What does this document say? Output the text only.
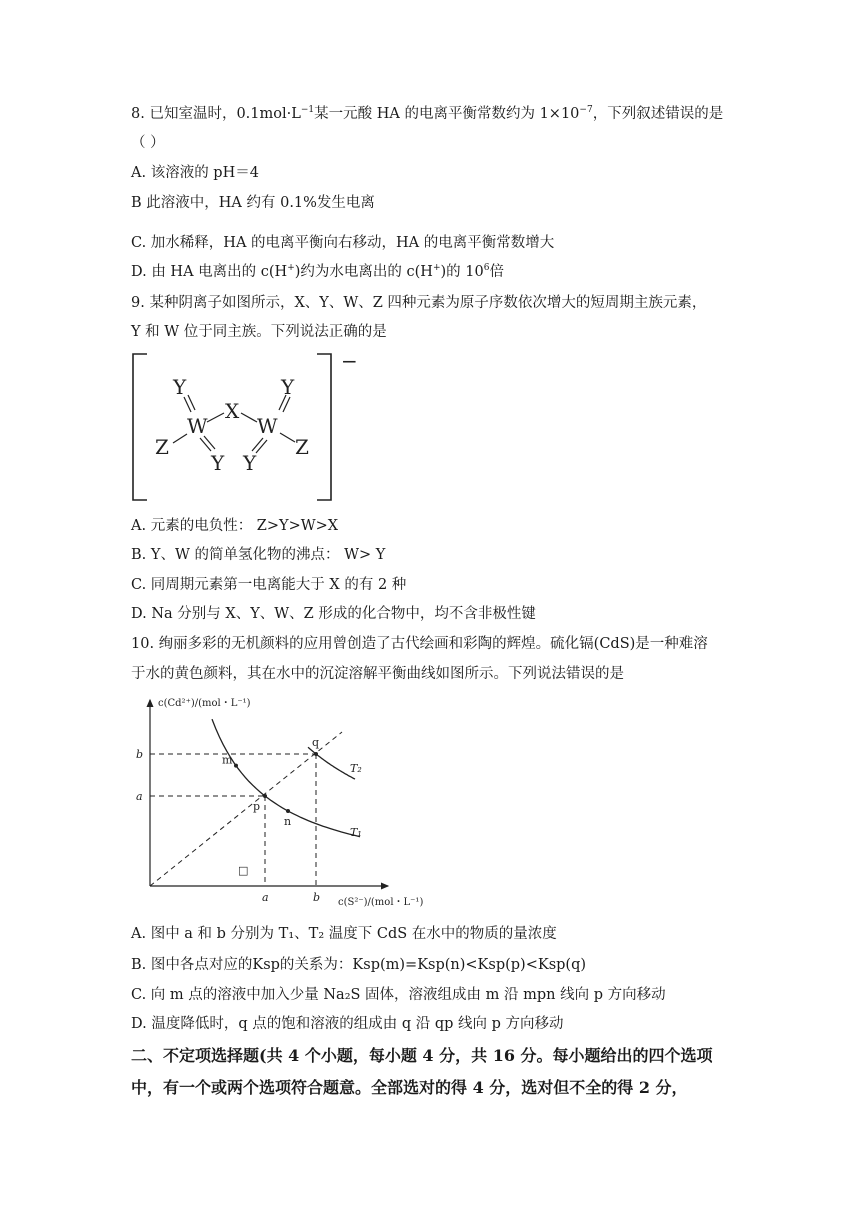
8. 已知室温时，$0.1mol\cdot L^{-1}$某一元酸 HA 的电离平衡常数约为 $1\times 10^{-7}$，下列叙述错误的是
（ ）
A. 该溶液的 pH＝4
B 此溶液中，HA 约有 0.1%发生电离
C. 加水稀释，HA 的电离平衡向右移动，HA 的电离平衡常数增大
D. 由 HA 电离出的 c(H+)约为水电离出的 c(H+)的 $10^6$倍
9. 某种阴离子如图所示，X、Y、W、Z 四种元素为原子序数依次增大的短周期主族元素，
Y 和 W 位于同主族。下列说法正确的是
−
Y
W
X
W
Y
Z
Y Y
Z
A. 元素的电负性： Z>Y>W>X
B. Y、W 的简单氢化物的沸点： W> Y
C. 同周期元素第一电离能大于 X 的有 2 种
D. Na 分别与 X、Y、W、Z 形成的化合物中，均不含非极性键
10. 绚丽多彩的无机颜料的应用曾创造了古代绘画和彩陶的辉煌。硫化镉(CdS)是一种难溶
于水的黄色颜料，其在水中的沉淀溶解平衡曲线如图所示。下列说法错误的是
c(Cd²⁺)/(mol・L⁻¹)
c(S²⁻)/(mol・L⁻¹)
□
a
b
a	b
T₁
T₂
m
p
n
q
A. 图中 a 和 b 分别为 T₁、T₂ 温度下 CdS 在水中的物质的量浓度
B. 图中各点对应的Ksp的关系为：Ksp(m)=Ksp(n)<Ksp(p)<Ksp(q)
C. 向 m 点的溶液中加入少量 Na₂S 固体，溶液组成由 m 沿 mpn 线向 p 方向移动
D. 温度降低时，q 点的饱和溶液的组成由 q 沿 qp 线向 p 方向移动
二、不定项选择题(共 4 个小题，每小题 4 分，共 16 分。每小题给出的四个选项
中，有一个或两个选项符合题意。全部选对的得 4 分，选对但不全的得 2 分，
